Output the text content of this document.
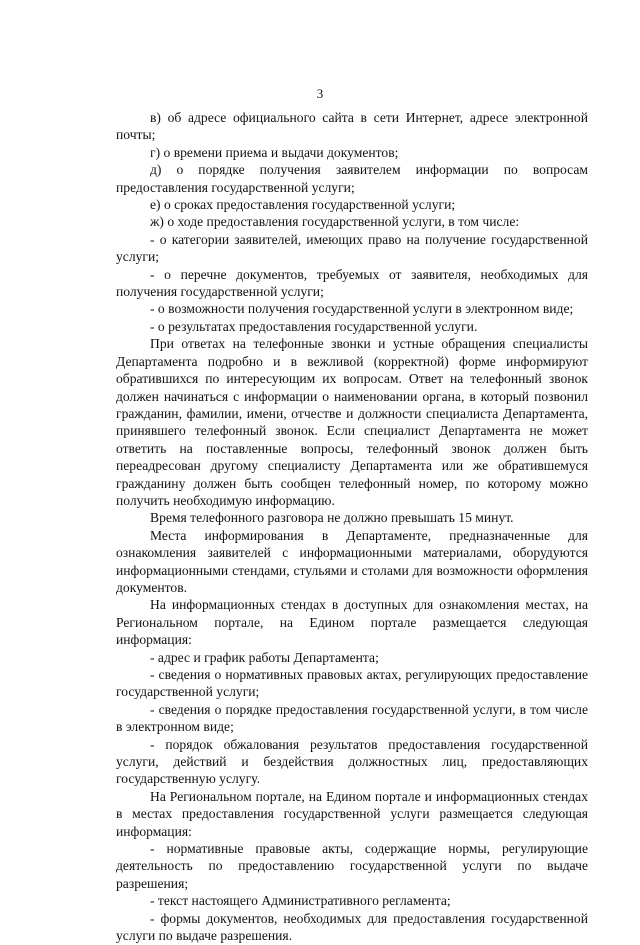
3

в) об адресе официального сайта в сети Интернет, адресе электронной почты;

г) о времени приема и выдачи документов;

д) о порядке получения заявителем информации по вопросам предоставления государственной услуги;

е) о сроках предоставления государственной услуги;

ж) о ходе предоставления государственной услуги, в том числе:

- о категории заявителей, имеющих право на получение государственной услуги;

- о перечне документов, требуемых от заявителя, необходимых для получения государственной услуги;

- о возможности получения государственной услуги в электронном виде;

- о результатах предоставления государственной услуги.

При ответах на телефонные звонки и устные обращения специалисты Департамента подробно и в вежливой (корректной) форме информируют обратившихся по интересующим их вопросам. Ответ на телефонный звонок должен начинаться с информации о наименовании органа, в который позвонил гражданин, фамилии, имени, отчестве и должности специалиста Департамента, принявшего телефонный звонок. Если специалист Департамента не может ответить на поставленные вопросы, телефонный звонок должен быть переадресован другому специалисту Департамента или же обратившемуся гражданину должен быть сообщен телефонный номер, по которому можно получить необходимую информацию.

Время телефонного разговора не должно превышать 15 минут.

Места информирования в Департаменте, предназначенные для ознакомления заявителей с информационными материалами, оборудуются информационными стендами, стульями и столами для возможности оформления документов.

На информационных стендах в доступных для ознакомления местах, на Региональном портале, на Едином портале размещается следующая информация:

- адрес и график работы Департамента;

- сведения о нормативных правовых актах, регулирующих предоставление государственной услуги;

- сведения о порядке предоставления государственной услуги, в том числе в электронном виде;

- порядок обжалования результатов предоставления государственной услуги, действий и бездействия должностных лиц, предоставляющих государственную услугу.

На Региональном портале, на Едином портале и информационных стендах в местах предоставления государственной услуги размещается следующая информация:

- нормативные правовые акты, содержащие нормы, регулирующие деятельность по предоставлению государственной услуги по выдаче разрешения;

- текст настоящего Административного регламента;

- формы документов, необходимых для предоставления государственной услуги по выдаче разрешения.
